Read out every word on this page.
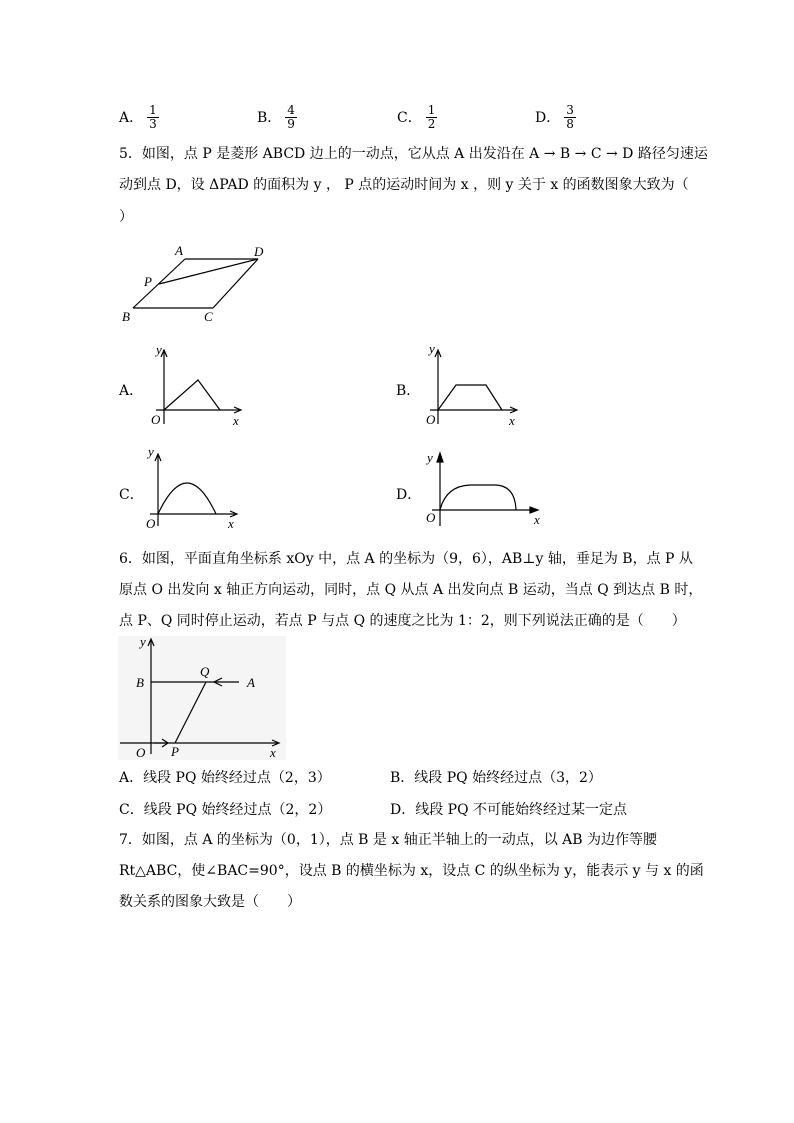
A． $\frac{1}{3}$	B． $\frac{4}{9}$	C． $\frac{1}{2}$	D． $\frac{3}{8}$
5．如图，点 P 是菱形 ABCD 边上的一动点，它从点 A 出发沿在 A → B → C → D 路径匀速运
动到点 D，设 ΔPAD 的面积为 y ， P 点的运动时间为 x ，则 y 关于 x 的函数图象大致为（
）
A	D
P
B	C
A．
y
x
O
B．
y
x
O
C．
y
x
O
D．
y
x
O
6．如图，平面直角坐标系 xOy 中，点 A 的坐标为（9，6），AB⊥y 轴，垂足为 B，点 P 从
原点 O 出发向 x 轴正方向运动，同时，点 Q 从点 A 出发向点 B 运动，当点 Q 到达点 B 时，
点 P、Q 同时停止运动，若点 P 与点 Q 的速度之比为 1：2，则下列说法正确的是（　　）
y
x
O
B
Q
A
P
A．线段 PQ 始终经过点（2，3）	B．线段 PQ 始终经过点（3，2）
C．线段 PQ 始终经过点（2，2）	D．线段 PQ 不可能始终经过某一定点
7．如图，点 A 的坐标为（0，1），点 B 是 x 轴正半轴上的一动点，以 AB 为边作等腰
Rt△ABC，使∠BAC=90°，设点 B 的横坐标为 x，设点 C 的纵坐标为 y，能表示 y 与 x 的函
数关系的图象大致是（　　）
